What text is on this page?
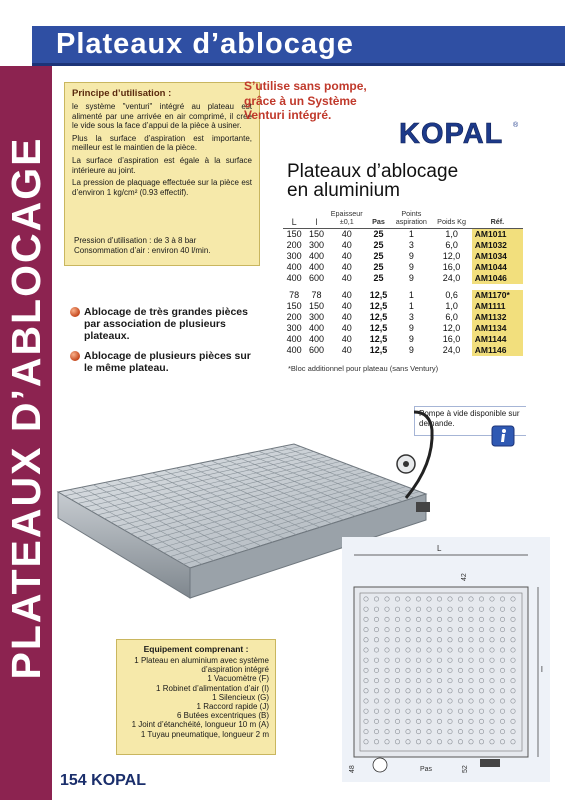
Plateaux d’ablocage
PLATEAUX D’ABLOCAGE
Principe d’utilisation :

le système "venturi" intégré au plateau est alimenté par une arrivée en air comprimé, il crée le vide sous la face d’appui de la pièce à usiner.

Plus la surface d’aspiration est importante, meilleur est le maintien de la pièce.

La surface d’aspiration est égale à la surface intérieure au joint.

La pression de plaquage effectuée sur la pièce est d’environ 1 kg/cm² (0.93 effectif).

Pression d’utilisation : de 3 à 8 bar
Consommation d’air : environ 40 l/min.
S’utilise sans pompe,
grâce à un Système
Venturi intégré.
KOPAL ®
Plateaux d’ablocage
en aluminium
L	l	Epaisseur ±0,1	Pas	Points aspiration	Poids Kg	Réf.
150	150	40	25	1	1,0	AM1011
200	300	40	25	3	6,0	AM1032
300	400	40	25	9	12,0	AM1034
400	400	40	25	9	16,0	AM1044
400	600	40	25	9	24,0	AM1046

78	78	40	12,5	1	0,6	AM1170*
150	150	40	12,5	1	1,0	AM1111
200	300	40	12,5	3	6,0	AM1132
300	400	40	12,5	9	12,0	AM1134
400	400	40	12,5	9	16,0	AM1144
400	600	40	12,5	9	24,0	AM1146
*Bloc additionnel pour plateau (sans Ventury)
Ablocage de très grandes pièces par association de plusieurs plateaux.
Ablocage de plusieurs pièces sur le même plateau.
Pompe à vide disponible sur demande.
L
l
42
48	52
Pas
Equipement comprenant :
1 Plateau en aluminium avec système d’aspiration intégré
1 Vacuomètre (F)
1 Robinet d’alimentation d’air (I)
1 Silencieux (G)
1 Raccord rapide (J)
6 Butées excentriques (B)
1 Joint d’étanchéité, longueur 10 m (A)
1 Tuyau pneumatique, longueur 2 m
154 KOPAL
